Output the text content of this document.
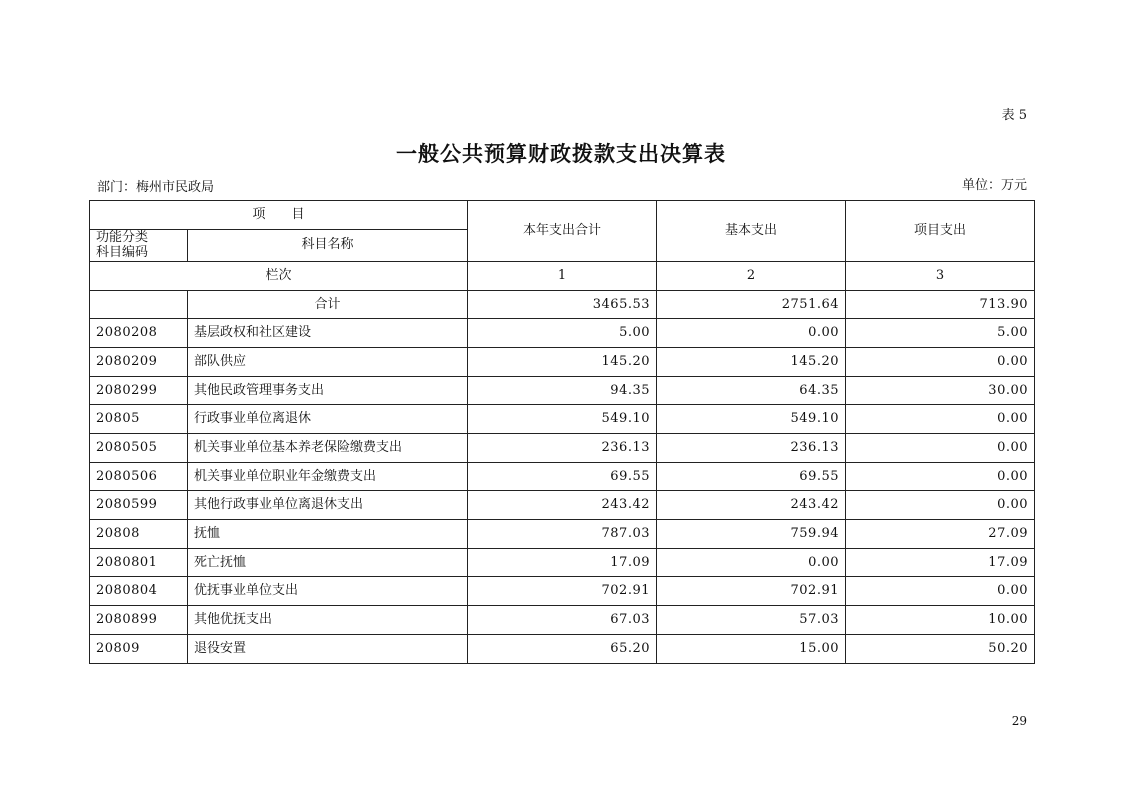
表 5
一般公共预算财政拨款支出决算表
部门：梅州市民政局	单位：万元
项　　目		本年支出合计	基本支出	项目支出

功能分类
科目编码	科目名称			
栏次		1	2	3
	合计	3465.53	2751.64	713.90
2080208	基层政权和社区建设	5.00	0.00	5.00
2080209	部队供应	145.20	145.20	0.00
2080299	其他民政管理事务支出	94.35	64.35	30.00
20805	行政事业单位离退休	549.10	549.10	0.00
2080505	机关事业单位基本养老保险缴费支出	236.13	236.13	0.00
2080506	机关事业单位职业年金缴费支出	69.55	69.55	0.00
2080599	其他行政事业单位离退休支出	243.42	243.42	0.00
20808	抚恤	787.03	759.94	27.09
2080801	死亡抚恤	17.09	0.00	17.09
2080804	优抚事业单位支出	702.91	702.91	0.00
2080899	其他优抚支出	67.03	57.03	10.00
20809	退役安置	65.20	15.00	50.20
29
